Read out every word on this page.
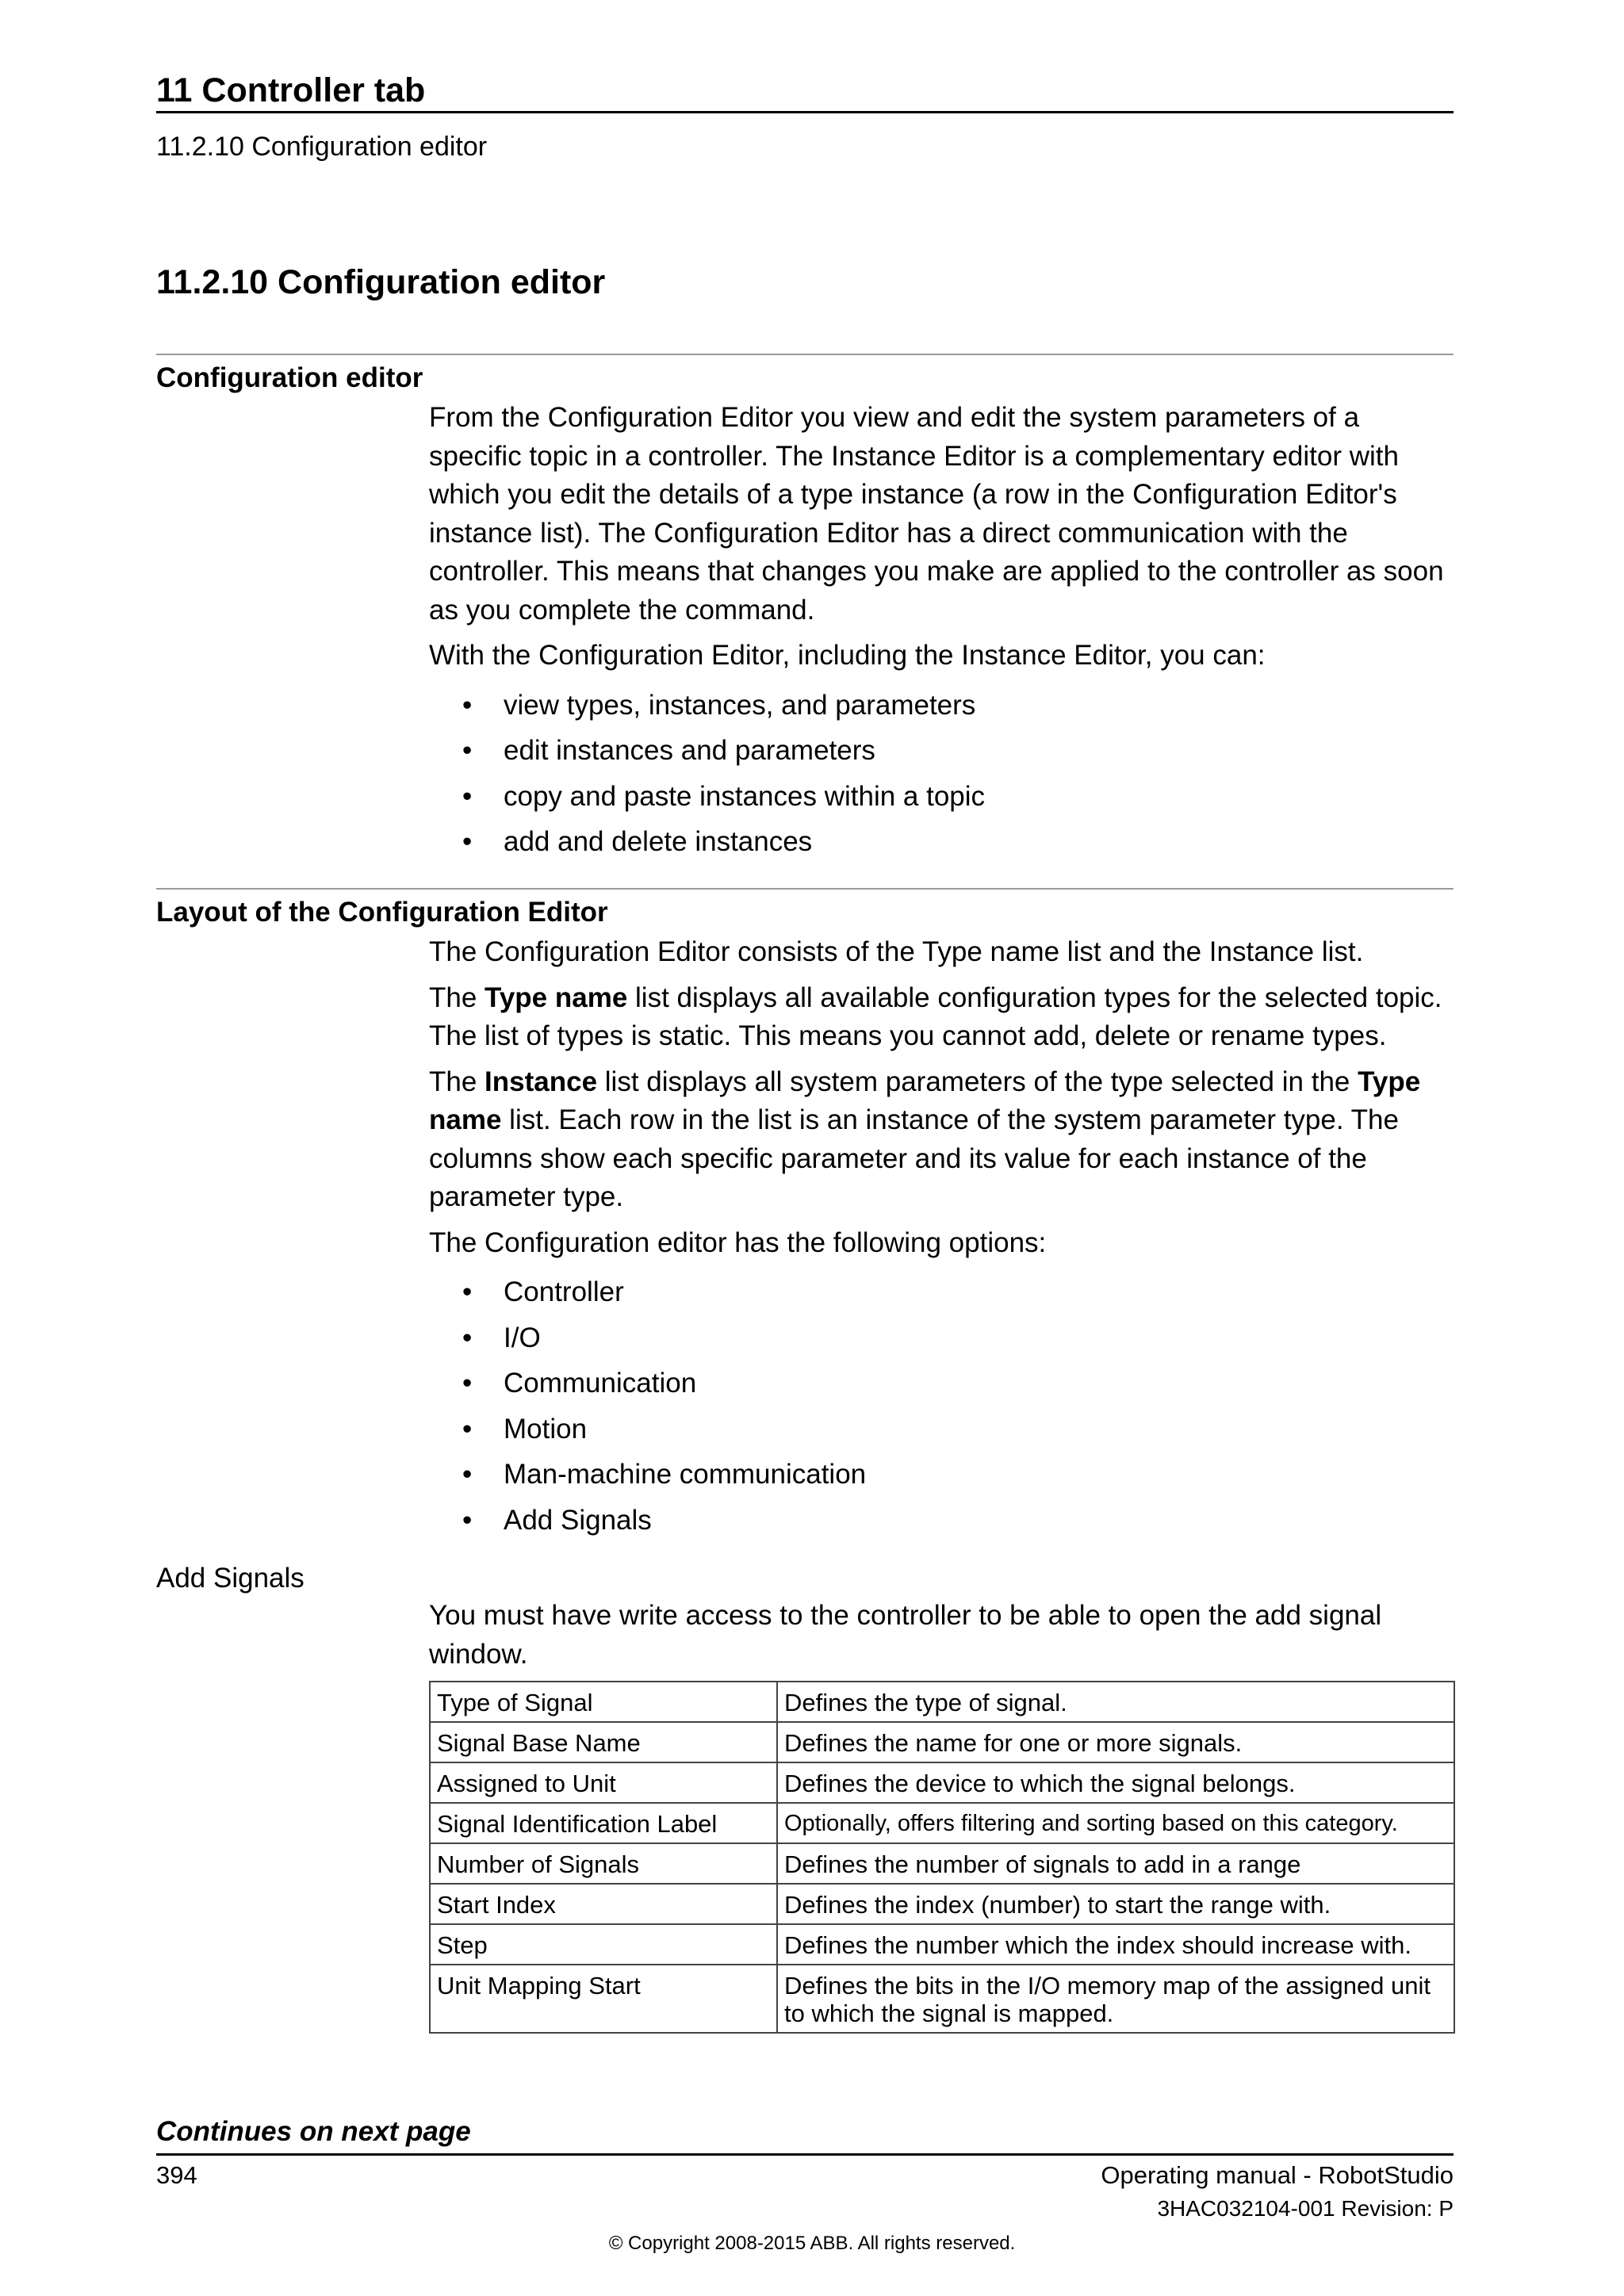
11 Controller tab
11.2.10 Configuration editor
11.2.10 Configuration editor
Configuration editor

From the Configuration Editor you view and edit the system parameters of a specific topic in a controller. The Instance Editor is a complementary editor with which you edit the details of a type instance (a row in the Configuration Editor's instance list). The Configuration Editor has a direct communication with the controller. This means that changes you make are applied to the controller as soon as you complete the command.

With the Configuration Editor, including the Instance Editor, you can:

• view types, instances, and parameters
• edit instances and parameters
• copy and paste instances within a topic
• add and delete instances
Layout of the Configuration Editor

The Configuration Editor consists of the Type name list and the Instance list.

The Type name list displays all available configuration types for the selected topic. The list of types is static. This means you cannot add, delete or rename types.

The Instance list displays all system parameters of the type selected in the Type name list. Each row in the list is an instance of the system parameter type. The columns show each specific parameter and its value for each instance of the parameter type.

The Configuration editor has the following options:

• Controller
• I/O
• Communication
• Motion
• Man-machine communication
• Add Signals
Add Signals

You must have write access to the controller to be able to open the add signal window.

Type of Signal	Defines the type of signal.
Signal Base Name	Defines the name for one or more signals.
Assigned to Unit	Defines the device to which the signal belongs.
Signal Identification Label	Optionally, offers filtering and sorting based on this category.
Number of Signals	Defines the number of signals to add in a range
Start Index	Defines the index (number) to start the range with.
Step	Defines the number which the index should increase with.
Unit Mapping Start	Defines the bits in the I/O memory map of the assigned unit to which the signal is mapped.
Continues on next page
394	Operating manual - RobotStudio
3HAC032104-001 Revision: P
© Copyright 2008-2015 ABB. All rights reserved.
